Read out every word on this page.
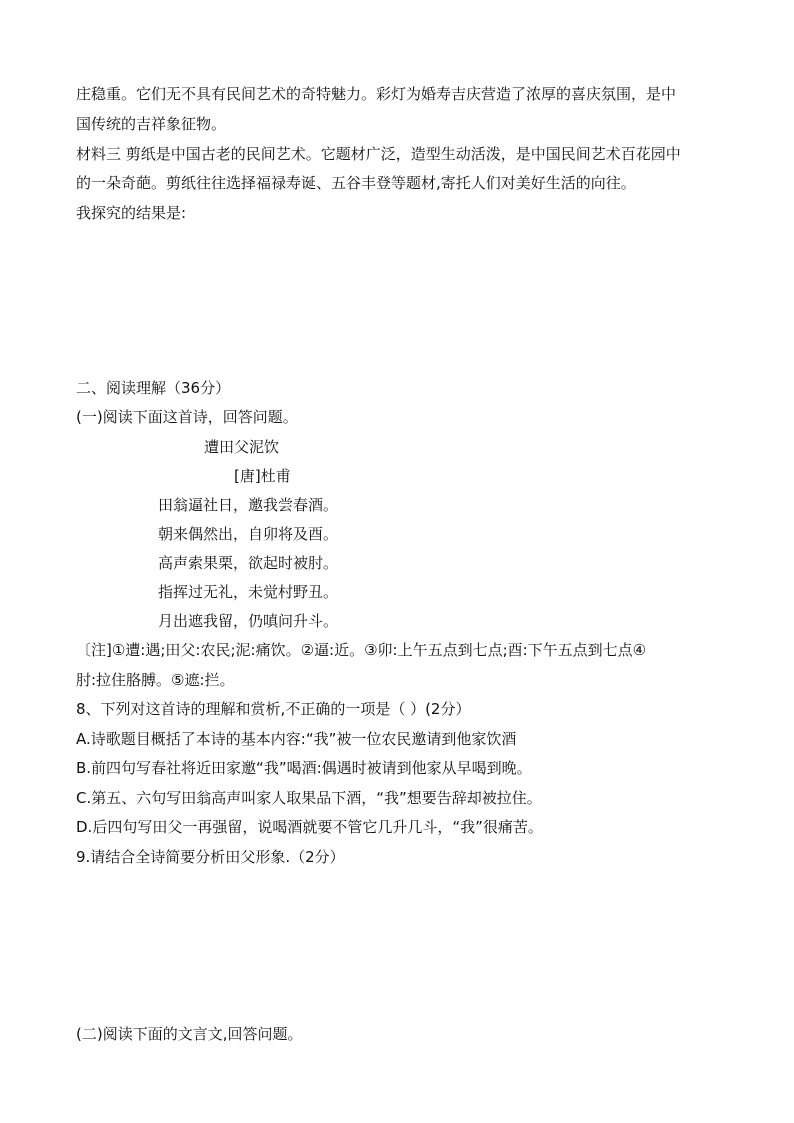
庄稳重。它们无不具有民间艺术的奇特魅力。彩灯为婚寿吉庆营造了浓厚的喜庆氛围，是中
国传统的吉祥象征物。
材料三 剪纸是中国古老的民间艺术。它题材广泛，造型生动活泼，是中国民间艺术百花园中
的一朵奇葩。剪纸往往选择福禄寿诞、五谷丰登等题材,寄托人们对美好生活的向往。
我探究的结果是:
二、阅读理解（36分）
(一)阅读下面这首诗，回答问题。
遭田父泥饮
[唐]杜甫
田翁逼社日，邀我尝春酒。
朝来偶然出，自卯将及酉。
高声索果栗，欲起时被肘。
指挥过无礼，未觉村野丑。
月出遮我留，仍嗔问升斗。
〔注]①遭:遇;田父:农民;泥:痛饮。②逼:近。③卯:上午五点到七点;酉:下午五点到七点④
肘:拉住胳膊。⑤遮:拦。
8、下列对这首诗的理解和赏析,不正确的一项是（ ）(2分）
A.诗歌题目概括了本诗的基本内容:“我”被一位农民邀请到他家饮酒
B.前四句写春社将近田家邀“我”喝酒:偶遇时被请到他家从早喝到晚。
C.第五、六句写田翁高声叫家人取果品下酒，“我”想要告辞却被拉住。
D.后四句写田父一再强留，说喝酒就要不管它几升几斗，“我”很痛苦。
9.请结合全诗简要分析田父形象.（2分）
(二)阅读下面的文言文,回答问题。
